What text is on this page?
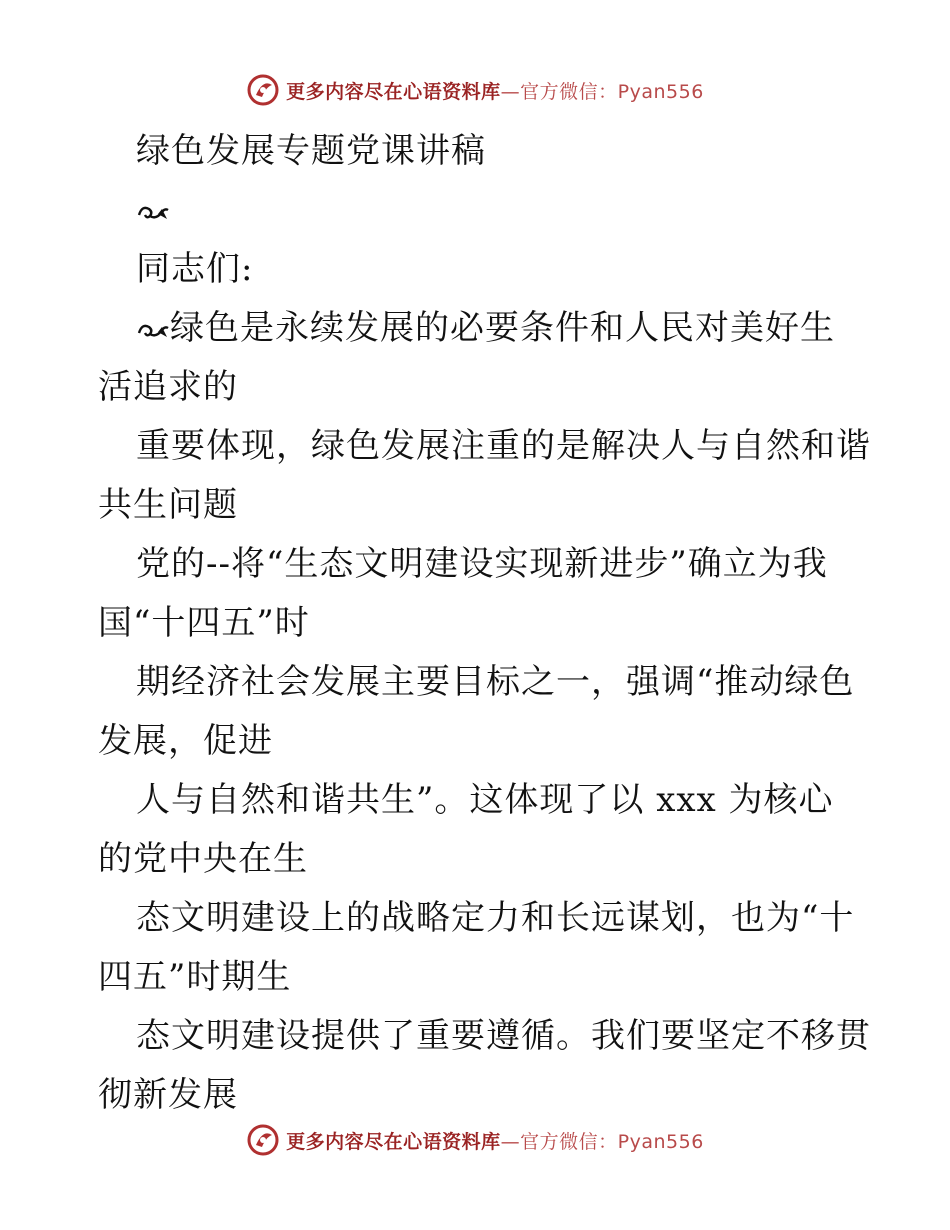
更多内容尽在心语资料库—官方微信：Pyan556
绿色发展专题党课讲稿
同志们:
绿色是永续发展的必要条件和人民对美好生
活追求的
重要体现，绿色发展注重的是解决人与自然和谐
共生问题
党的--将“生态文明建设实现新进步”确立为我
国“十四五”时
期经济社会发展主要目标之一，强调“推动绿色
发展，促进
人与自然和谐共生”。这体现了以 xxx 为核心
的党中央在生
态文明建设上的战略定力和长远谋划，也为“十
四五”时期生
态文明建设提供了重要遵循。我们要坚定不移贯
彻新发展
更多内容尽在心语资料库—官方微信：Pyan556
